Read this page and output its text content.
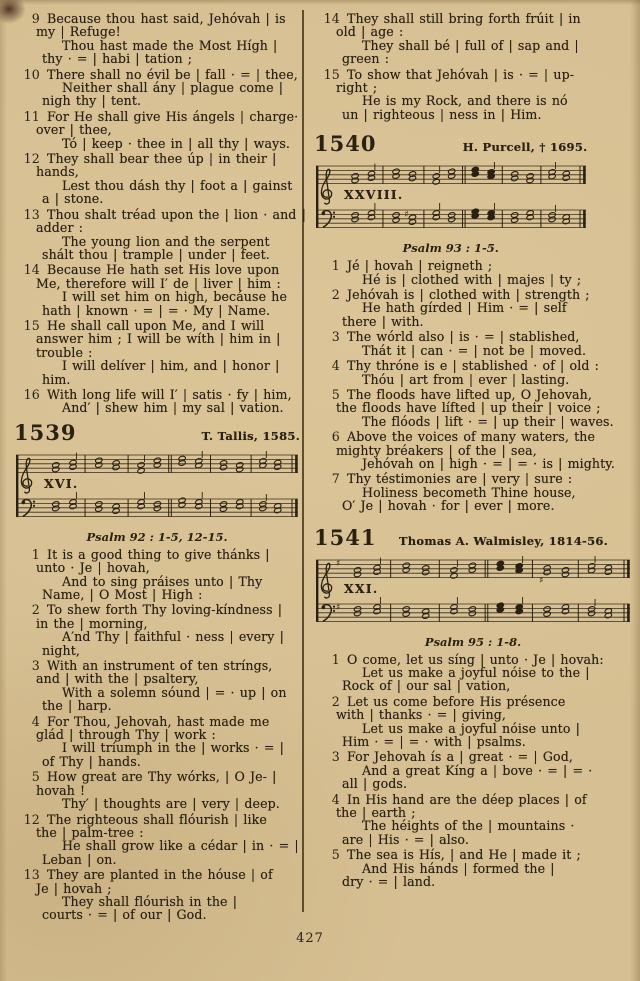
9 Because thou hast said, Jehóvah | is
my | Refuge!
Thou hast made the Most Hígh |
thy · = | habi | tation ;
10 There shall no évil be | fall · = | thee,
Neither shall ány | plague come |
nigh thy | tent.
11 For He shall give His ángels | charge·
over | thee,
Tó | keep · thee in | all thy | ways.
12 They shall bear thee úp | in their |
hands,
Lest thou dásh thy | foot a | gainst
a | stone.
13 Thou shalt tréad upon the | lion · and |
adder :
The young lion and the serpent
shált thou | trample | under | feet.
14 Because He hath set His love upon
Me, therefore will I′ de | liver | him :
I will set him on high, becáuse he
hath | known · = | = · My | Name.
15 He shall call upon Me, and I will
answer him ; I will be wíth | him in |
trouble :
I will delíver | him, and | honor |
him.
16 With long life will I′ | satis · fy | him,
And′ | shew him | my sal | vation.
1539	T. Tallis, 1585.
XVI.
Psalm 92 : 1-5, 12-15.
1 It is a good thing to give thánks |
unto · Je | hovah,
And to sing práises unto | Thy
Name, | O Most | High :
2 To shew forth Thy loving-kíndness |
in the | morning,
A′nd Thy | faithful · ness | every |
night,
3 With an instrument of ten stríngs,
and | with the | psaltery,
With a solemn sóund | = · up | on
the | harp.
4 For Thou, Jehovah, hast made me
glád | through Thy | work :
I will tríumph in the | works · = |
of Thy | hands.
5 How great are Thy wórks, | O Je- |
hovah !
Thy′ | thoughts are | very | deep.
12 The righteous shall flóurish | like
the | palm-tree :
He shall grow like a cédar | in · = |
Leban | on.
13 They are planted in the hóuse | of
Je | hovah ;
They shall flóurish in the |
courts · = | of our | God.
14 They shall still bring forth frúit | in
old | age :
They shall bé | full of | sap and |
green :
15 To show that Jehóvah | is · = | up-
right ;
He is my Rock, and there is nó
un | righteous | ness in | Him.
1540	H. Purcell, † 1695.
♯
XXVIII.
Psalm 93 : 1-5.
1 Jé | hovah | reigneth ;
Hé is | clothed with | majes | ty ;
2 Jehóvah is | clothed with | strength ;
He hath gírded | Him · = | self
there | with.
3 The wórld also | is · = | stablished,
Thát it | can · = | not be | moved.
4 Thy thróne is e | stablished · of | old :
Thóu | art from | ever | lasting.
5 The floods have lifted up, O Jehovah,
the floods have lífted | up their | voice ;
The flóods | lift · = | up their | waves.
6 Above the voices of many waters, the
mighty bréakers | of the | sea,
Jehóvah on | high · = | = · is | mighty.
7 Thy téstimonies are | very | sure :
Holiness becometh Thine house,
O′ Je | hovah · for | ever | more.
1541 Thomas A. Walmisley, 1814-56.
♯
♯
♯
XXI.
Psalm 95 : 1-8.
1 O come, let us síng | unto · Je | hovah:
Let us make a joyful nóise to the |
Rock of | our sal | vation,
2 Let us come before His présence
with | thanks · = | giving,
Let us make a joyful nóise unto |
Him · = | = · with | psalms.
3 For Jehovah ís a | great · = | God,
And a great Kíng a | bove · = | = ·
all | gods.
4 In His hand are the déep places | of
the | earth ;
The héights of the | mountains ·
are | His · = | also.
5 The sea is Hís, | and He | made it ;
And His hánds | formed the |
dry · = | land.
427
